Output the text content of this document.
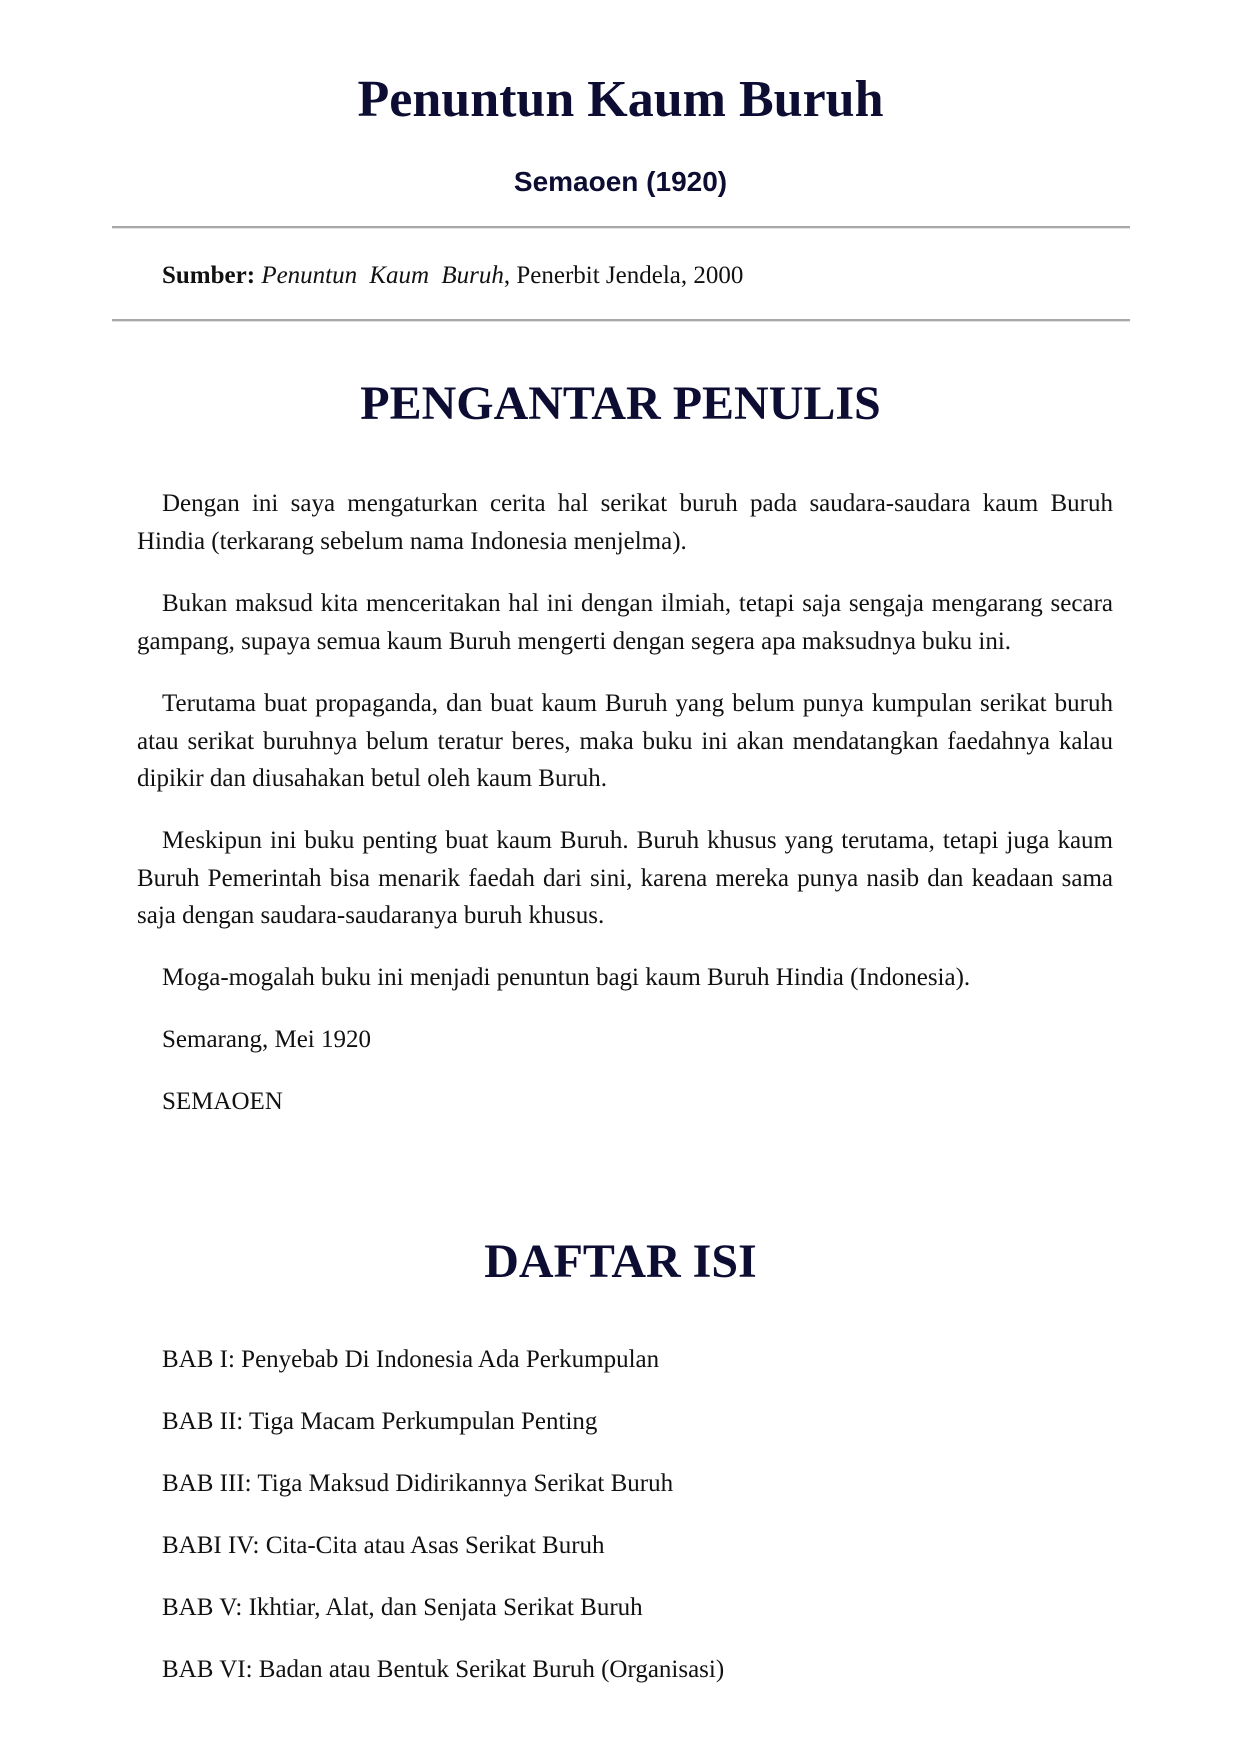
Penuntun Kaum Buruh
Semaoen (1920)

Sumber: Penuntun Kaum Buruh, Penerbit Jendela, 2000

PENGANTAR PENULIS

Dengan ini saya mengaturkan cerita hal serikat buruh pada saudara-saudara kaum Buruh Hindia (terkarang sebelum nama Indonesia menjelma).

Bukan maksud kita menceritakan hal ini dengan ilmiah, tetapi saja sengaja mengarang secara gampang, supaya semua kaum Buruh mengerti dengan segera apa maksudnya buku ini.

Terutama buat propaganda, dan buat kaum Buruh yang belum punya kumpulan serikat buruh atau serikat buruhnya belum teratur beres, maka buku ini akan mendatangkan faedahnya kalau dipikir dan diusahakan betul oleh kaum Buruh.

Meskipun ini buku penting buat kaum Buruh. Buruh khusus yang terutama, tetapi juga kaum Buruh Pemerintah bisa menarik faedah dari sini, karena mereka punya nasib dan keadaan sama saja dengan saudara-saudaranya buruh khusus.

Moga-mogalah buku ini menjadi penuntun bagi kaum Buruh Hindia (Indonesia).

Semarang, Mei 1920

SEMAOEN

DAFTAR ISI

BAB I: Penyebab Di Indonesia Ada Perkumpulan

BAB II: Tiga Macam Perkumpulan Penting

BAB III: Tiga Maksud Didirikannya Serikat Buruh

BABI IV: Cita-Cita atau Asas Serikat Buruh

BAB V: Ikhtiar, Alat, dan Senjata Serikat Buruh

BAB VI: Badan atau Bentuk Serikat Buruh (Organisasi)
